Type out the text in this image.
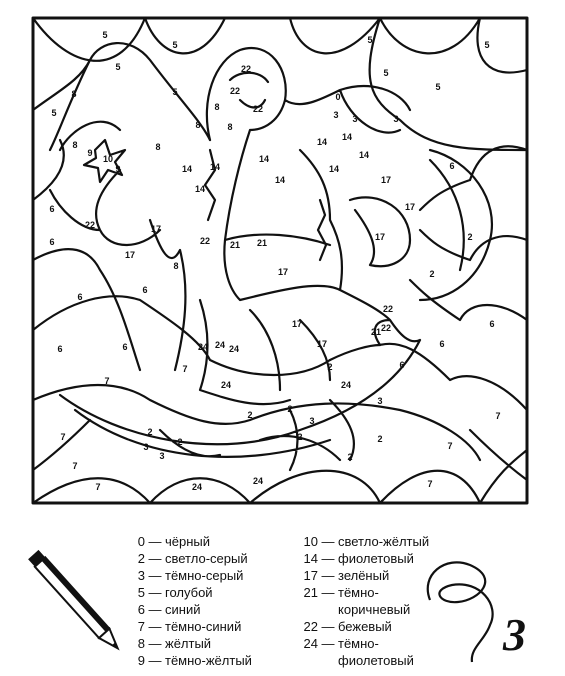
5
5	5	5
5
5
5	5
5
22
22
22
8
8
8
8
8
8
9
10
9
0
3	3
3
6
6
6
6	6
6
6
14
14
14
14
14
14
14
14
14
17
17
17
17
17
17
17
17
22
22
22
22
21 21
21
2
2
2
2
2
2
2	2
2
3
3
3
3
24
24 24 24
24
24
7
7
7
7
7
7
7
7
2
6
6
6
8
24
0 — чёрный
2 — светло-серый
3 — тёмно-серый
5 — голубой
6 — синий
7 — тёмно-синий
8 — жёлтый
9 — тёмно-жёлтый
10 — светло-жёлтый
14 — фиолетовый
17 — зелёный
21 — тёмно-
коричневый
22 — бежевый
24 — тёмно-
фиолетовый
3
